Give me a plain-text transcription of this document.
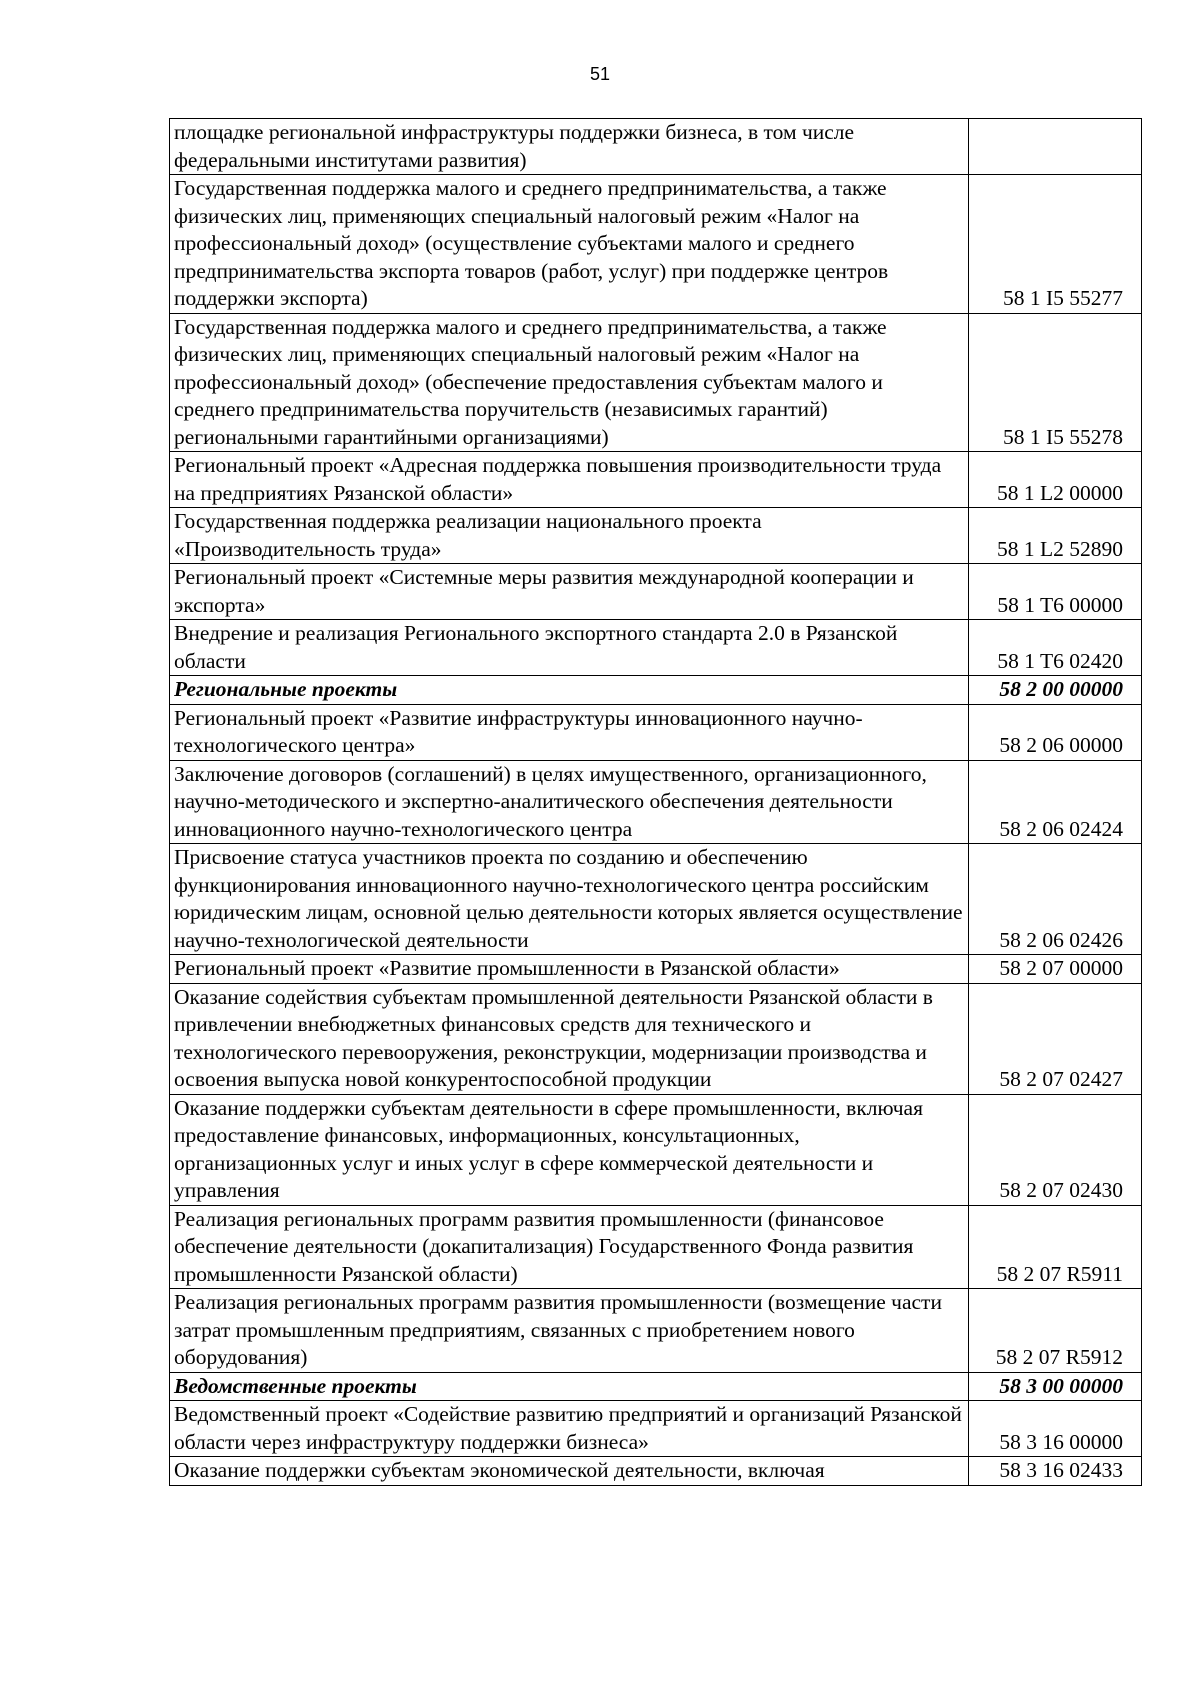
51
площадке региональной инфраструктуры поддержки бизнеса, в том числе федеральными институтами развития)	
Государственная поддержка малого и среднего предпринимательства, а также физических лиц, применяющих специальный налоговый режим «Налог на профессиональный доход» (осуществление субъектами малого и среднего предпринимательства экспорта товаров (работ, услуг) при поддержке центров поддержки экспорта)	58 1 I5 55277
Государственная поддержка малого и среднего предпринимательства, а также физических лиц, применяющих специальный налоговый режим «Налог на профессиональный доход» (обеспечение предоставления субъектам малого и среднего предпринимательства поручительств (независимых гарантий) региональными гарантийными организациями)	58 1 I5 55278
Региональный проект «Адресная поддержка повышения производительности труда на предприятиях Рязанской области»	58 1 L2 00000
Государственная поддержка реализации национального проекта «Производительность труда»	58 1 L2 52890
Региональный проект «Системные меры развития международной кооперации и экспорта»	58 1 T6 00000
Внедрение и реализация Регионального экспортного стандарта 2.0 в Рязанской области	58 1 T6 02420
Региональные проекты	58 2 00 00000
Региональный проект «Развитие инфраструктуры инновационного научно-технологического центра»	58 2 06 00000
Заключение договоров (соглашений) в целях имущественного, организационного, научно-методического и экспертно-аналитического обеспечения деятельности инновационного научно-технологического центра	58 2 06 02424
Присвоение статуса участников проекта по созданию и обеспечению функционирования инновационного научно-технологического центра российским юридическим лицам, основной целью деятельности которых является осуществление научно-технологической деятельности	58 2 06 02426
Региональный проект «Развитие промышленности в Рязанской области»	58 2 07 00000
Оказание содействия субъектам промышленной деятельности Рязанской области в привлечении внебюджетных финансовых средств для технического и технологического перевооружения, реконструкции, модернизации производства и освоения выпуска новой конкурентоспособной продукции	58 2 07 02427
Оказание поддержки субъектам деятельности в сфере промышленности, включая предоставление финансовых, информационных, консультационных, организационных услуг и иных услуг в сфере коммерческой деятельности и управления	58 2 07 02430
Реализация региональных программ развития промышленности (финансовое обеспечение деятельности (докапитализация) Государственного Фонда развития промышленности Рязанской области)	58 2 07 R5911
Реализация региональных программ развития промышленности (возмещение части затрат промышленным предприятиям, связанных с приобретением нового оборудования)	58 2 07 R5912
Ведомственные проекты	58 3 00 00000
Ведомственный проект «Содействие развитию предприятий и организаций Рязанской области через инфраструктуру поддержки бизнеса»	58 3 16 00000
Оказание поддержки субъектам экономической деятельности, включая	58 3 16 02433
